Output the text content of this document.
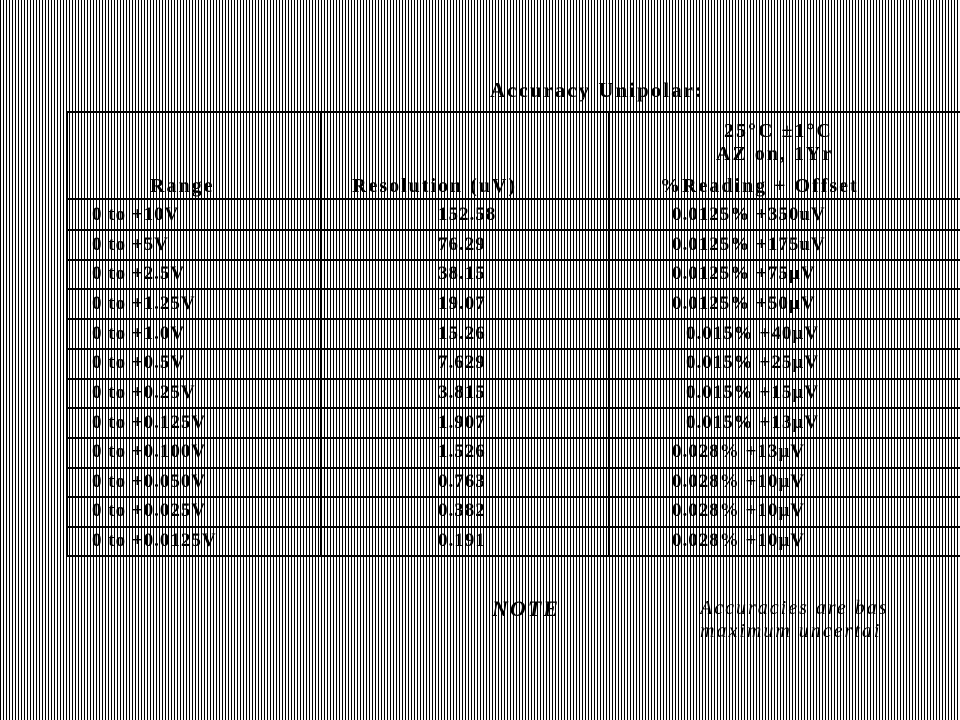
Accuracy Unipolar:
25°C ±1°C
AZ on, 1Yr
Range	Resolution (uV)	%Reading + Offset
0 to +10V	152.58	0.0125% +350uV
0 to +5V	76.29	0.0125% +175uV
0 to +2.5V	38.15	0.0125% +75µV
0 to +1.25V	19.07	0.0125% +50µV
0 to +1.0V	15.26	0.015% +40µV
0 to +0.5V	7.629	0.015% +25µV
0 to +0.25V	3.815	0.015% +15µV
0 to +0.125V	1.907	0.015% +13µV
0 to +0.100V	1.526	0.028% +13µV
0 to +0.050V	0.763	0.028% +10µV
0 to +0.025V	0.382	0.028% +10µV
0 to +0.0125V	0.191	0.028% +10µV
NOTE	Accuracies are bas
maximum uncertai
